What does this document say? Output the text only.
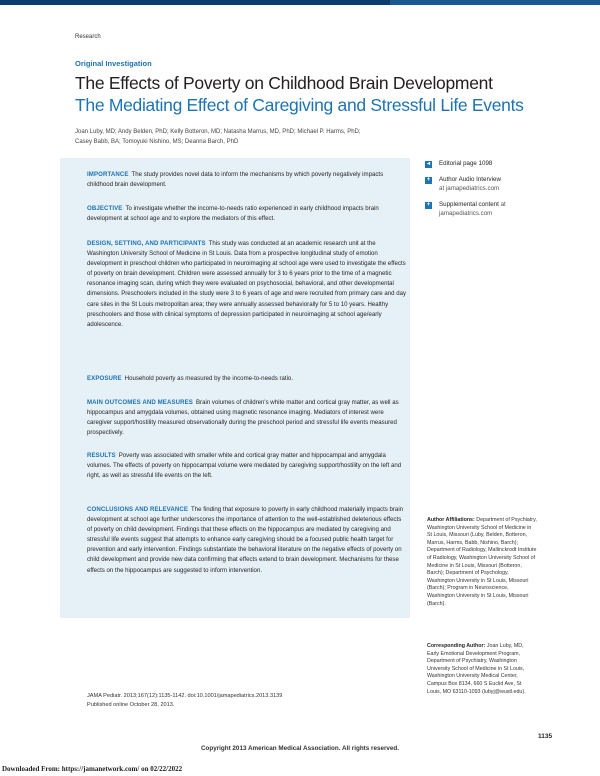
Research
Original Investigation
The Effects of Poverty on Childhood Brain Development
The Mediating Effect of Caregiving and Stressful Life Events
Joan Luby, MD; Andy Belden, PhD; Kelly Botteron, MD; Natasha Marrus, MD, PhD; Michael P. Harms, PhD;
Casey Babb, BA; Tomoyuki Nishino, MS; Deanna Barch, PhD
IMPORTANCE The study provides novel data to inform the mechanisms by which poverty negatively impacts childhood brain development.
OBJECTIVE To investigate whether the income-to-needs ratio experienced in early childhood impacts brain development at school age and to explore the mediators of this effect.
DESIGN, SETTING, AND PARTICIPANTS This study was conducted at an academic research unit at the Washington University School of Medicine in St Louis. Data from a prospective longitudinal study of emotion development in preschool children who participated in neuroimaging at school age were used to investigate the effects of poverty on brain development. Children were assessed annually for 3 to 6 years prior to the time of a magnetic resonance imaging scan, during which they were evaluated on psychosocial, behavioral, and other developmental dimensions. Preschoolers included in the study were 3 to 6 years of age and were recruited from primary care and day care sites in the St Louis metropolitan area; they were annually assessed behaviorally for 5 to 10 years. Healthy preschoolers and those with clinical symptoms of depression participated in neuroimaging at school age/early adolescence.
EXPOSURE Household poverty as measured by the income-to-needs ratio.
MAIN OUTCOMES AND MEASURES Brain volumes of children's white matter and cortical gray matter, as well as hippocampus and amygdala volumes, obtained using magnetic resonance imaging. Mediators of interest were caregiver support/hostility measured observationally during the preschool period and stressful life events measured prospectively.
RESULTS Poverty was associated with smaller white and cortical gray matter and hippocampal and amygdala volumes. The effects of poverty on hippocampal volume were mediated by caregiving support/hostility on the left and right, as well as stressful life events on the left.
CONCLUSIONS AND RELEVANCE The finding that exposure to poverty in early childhood materially impacts brain development at school age further underscores the importance of attention to the well-established deleterious effects of poverty on child development. Findings that these effects on the hippocampus are mediated by caregiving and stressful life events suggest that attempts to enhance early caregiving should be a focused public health target for prevention and early intervention. Findings substantiate the behavioral literature on the negative effects of poverty on child development and provide new data confirming that effects extend to brain development. Mechanisms for these effects on the hippocampus are suggested to inform intervention.
◂	Editorial page 1098
+ Author Audio Interview
at jamapediatrics.com
+ Supplemental content at
jamapediatrics.com
Author Affiliations: Department of Psychiatry, Washington University School of Medicine in St Louis, Missouri (Luby, Belden, Botteron, Marrus, Harms, Babb, Nishino, Barch); Department of Radiology, Mallinckrodt Institute of Radiology, Washington University School of Medicine in St Louis, Missouri (Botteron, Barch); Department of Psychology, Washington University in St Louis, Missouri (Barch); Program in Neuroscience, Washington University in St Louis, Missouri (Barch).
Corresponding Author: Joan Luby, MD, Early Emotional Development Program, Department of Psychiatry, Washington University School of Medicine in St Louis, Washington University Medical Center, Campus Box 8134, 660 S Euclid Ave, St Louis, MO 63110-1093 (lubyj@wustl.edu).
JAMA Pediatr. 2013;167(12):1135-1142. doi:10.1001/jamapediatrics.2013.3139
Published online October 28, 2013.
1135
Copyright 2013 American Medical Association. All rights reserved.
Downloaded From: https://jamanetwork.com/ on 02/22/2022
